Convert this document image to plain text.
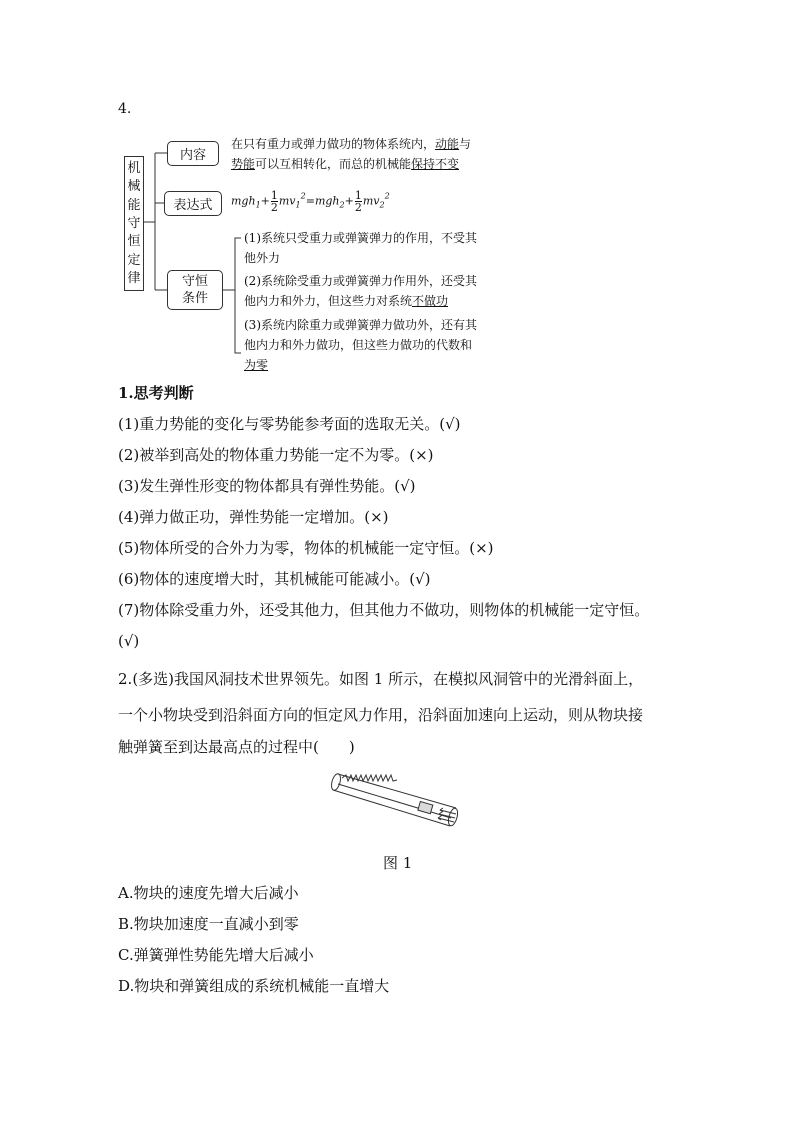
4.
机
械
能
守
恒
定
律
内容
在只有重力或弹力做功的物体系统内，动能与
势能可以互相转化，而总的机械能保持不变
表达式	$mgh_1+ \frac{1}{2} mv_1^2=mgh_2+ \frac{1}{2} mv_2^2$
守恒
条件
(1)系统只受重力或弹簧弹力的作用，不受其
他外力
(2)系统除受重力或弹簧弹力作用外，还受其
他内力和外力，但这些力对系统不做功
(3)系统内除重力或弹簧弹力做功外，还有其
他内力和外力做功，但这些力做功的代数和
为零
1.思考判断
(1)重力势能的变化与零势能参考面的选取无关。(√)
(2)被举到高处的物体重力势能一定不为零。(×)
(3)发生弹性形变的物体都具有弹性势能。(√)
(4)弹力做正功，弹性势能一定增加。(×)
(5)物体所受的合外力为零，物体的机械能一定守恒。(×)
(6)物体的速度增大时，其机械能可能减小。(√)
(7)物体除受重力外，还受其他力，但其他力不做功，则物体的机械能一定守恒。
(√)
2.(多选)我国风洞技术世界领先。如图 1 所示，在模拟风洞管中的光滑斜面上，
一个小物块受到沿斜面方向的恒定风力作用，沿斜面加速向上运动，则从物块接
触弹簧至到达最高点的过程中(　　)
图 1
A.物块的速度先增大后减小
B.物块加速度一直减小到零
C.弹簧弹性势能先增大后减小
D.物块和弹簧组成的系统机械能一直增大
